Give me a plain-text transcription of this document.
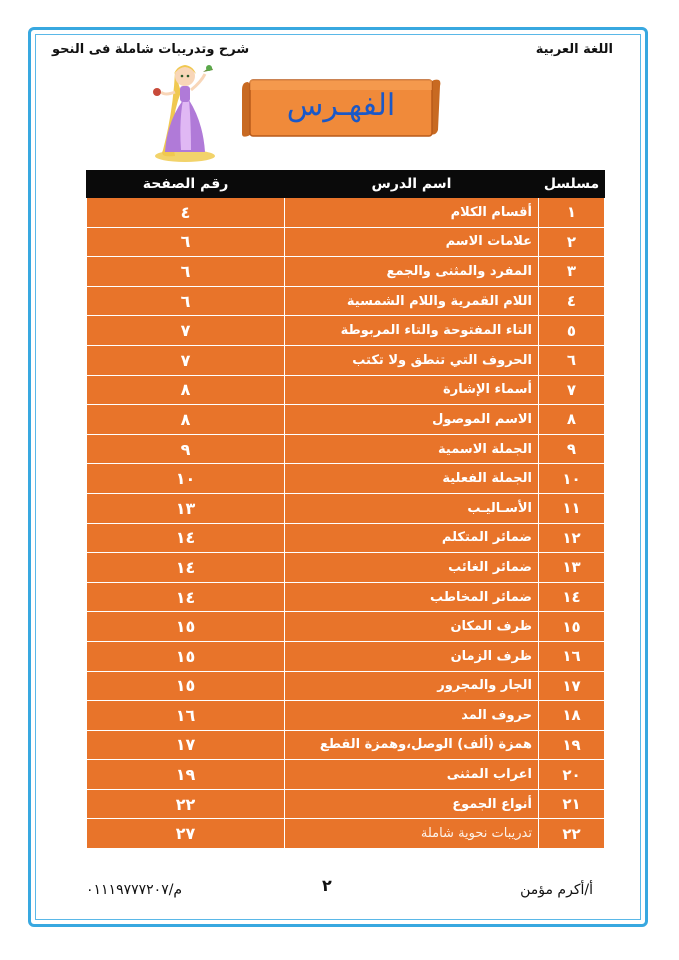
اللغة العربية
شرح وتدريبات شاملة فى النحو
الفهـرس
مسلسل	اسم الدرس	رقم الصفحة
١	أقسام الكلام	٤
٢	علامات الاسم	٦
٣	المفرد والمثنى والجمع	٦
٤	اللام القمرية واللام الشمسية	٦
٥	التاء المفتوحة والتاء المربوطة	٧
٦	الحروف التي تنطق ولا تكتب	٧
٧	أسماء الإشارة	٨
٨	الاسم الموصول	٨
٩	الجملة الاسمية	٩
١٠	الجملة الفعلية	١٠
١١	الأسـاليـب	١٣
١٢	ضمائر المتكلم	١٤
١٣	ضمائر الغائب	١٤
١٤	ضمائر المخاطب	١٤
١٥	ظرف المكان	١٥
١٦	ظرف الزمان	١٥
١٧	الجار والمجرور	١٥
١٨	حروف المد	١٦
١٩	همزة (ألف) الوصل،وهمزة القطع	١٧
٢٠	اعراب المثنى	١٩
٢١	أنواع الجموع	٢٢
٢٢	تدريبات نحوية شاملة	٢٧
أ/أكرم مؤمن
٢
م/٠١١١٩٧٧٧٢٠٧
